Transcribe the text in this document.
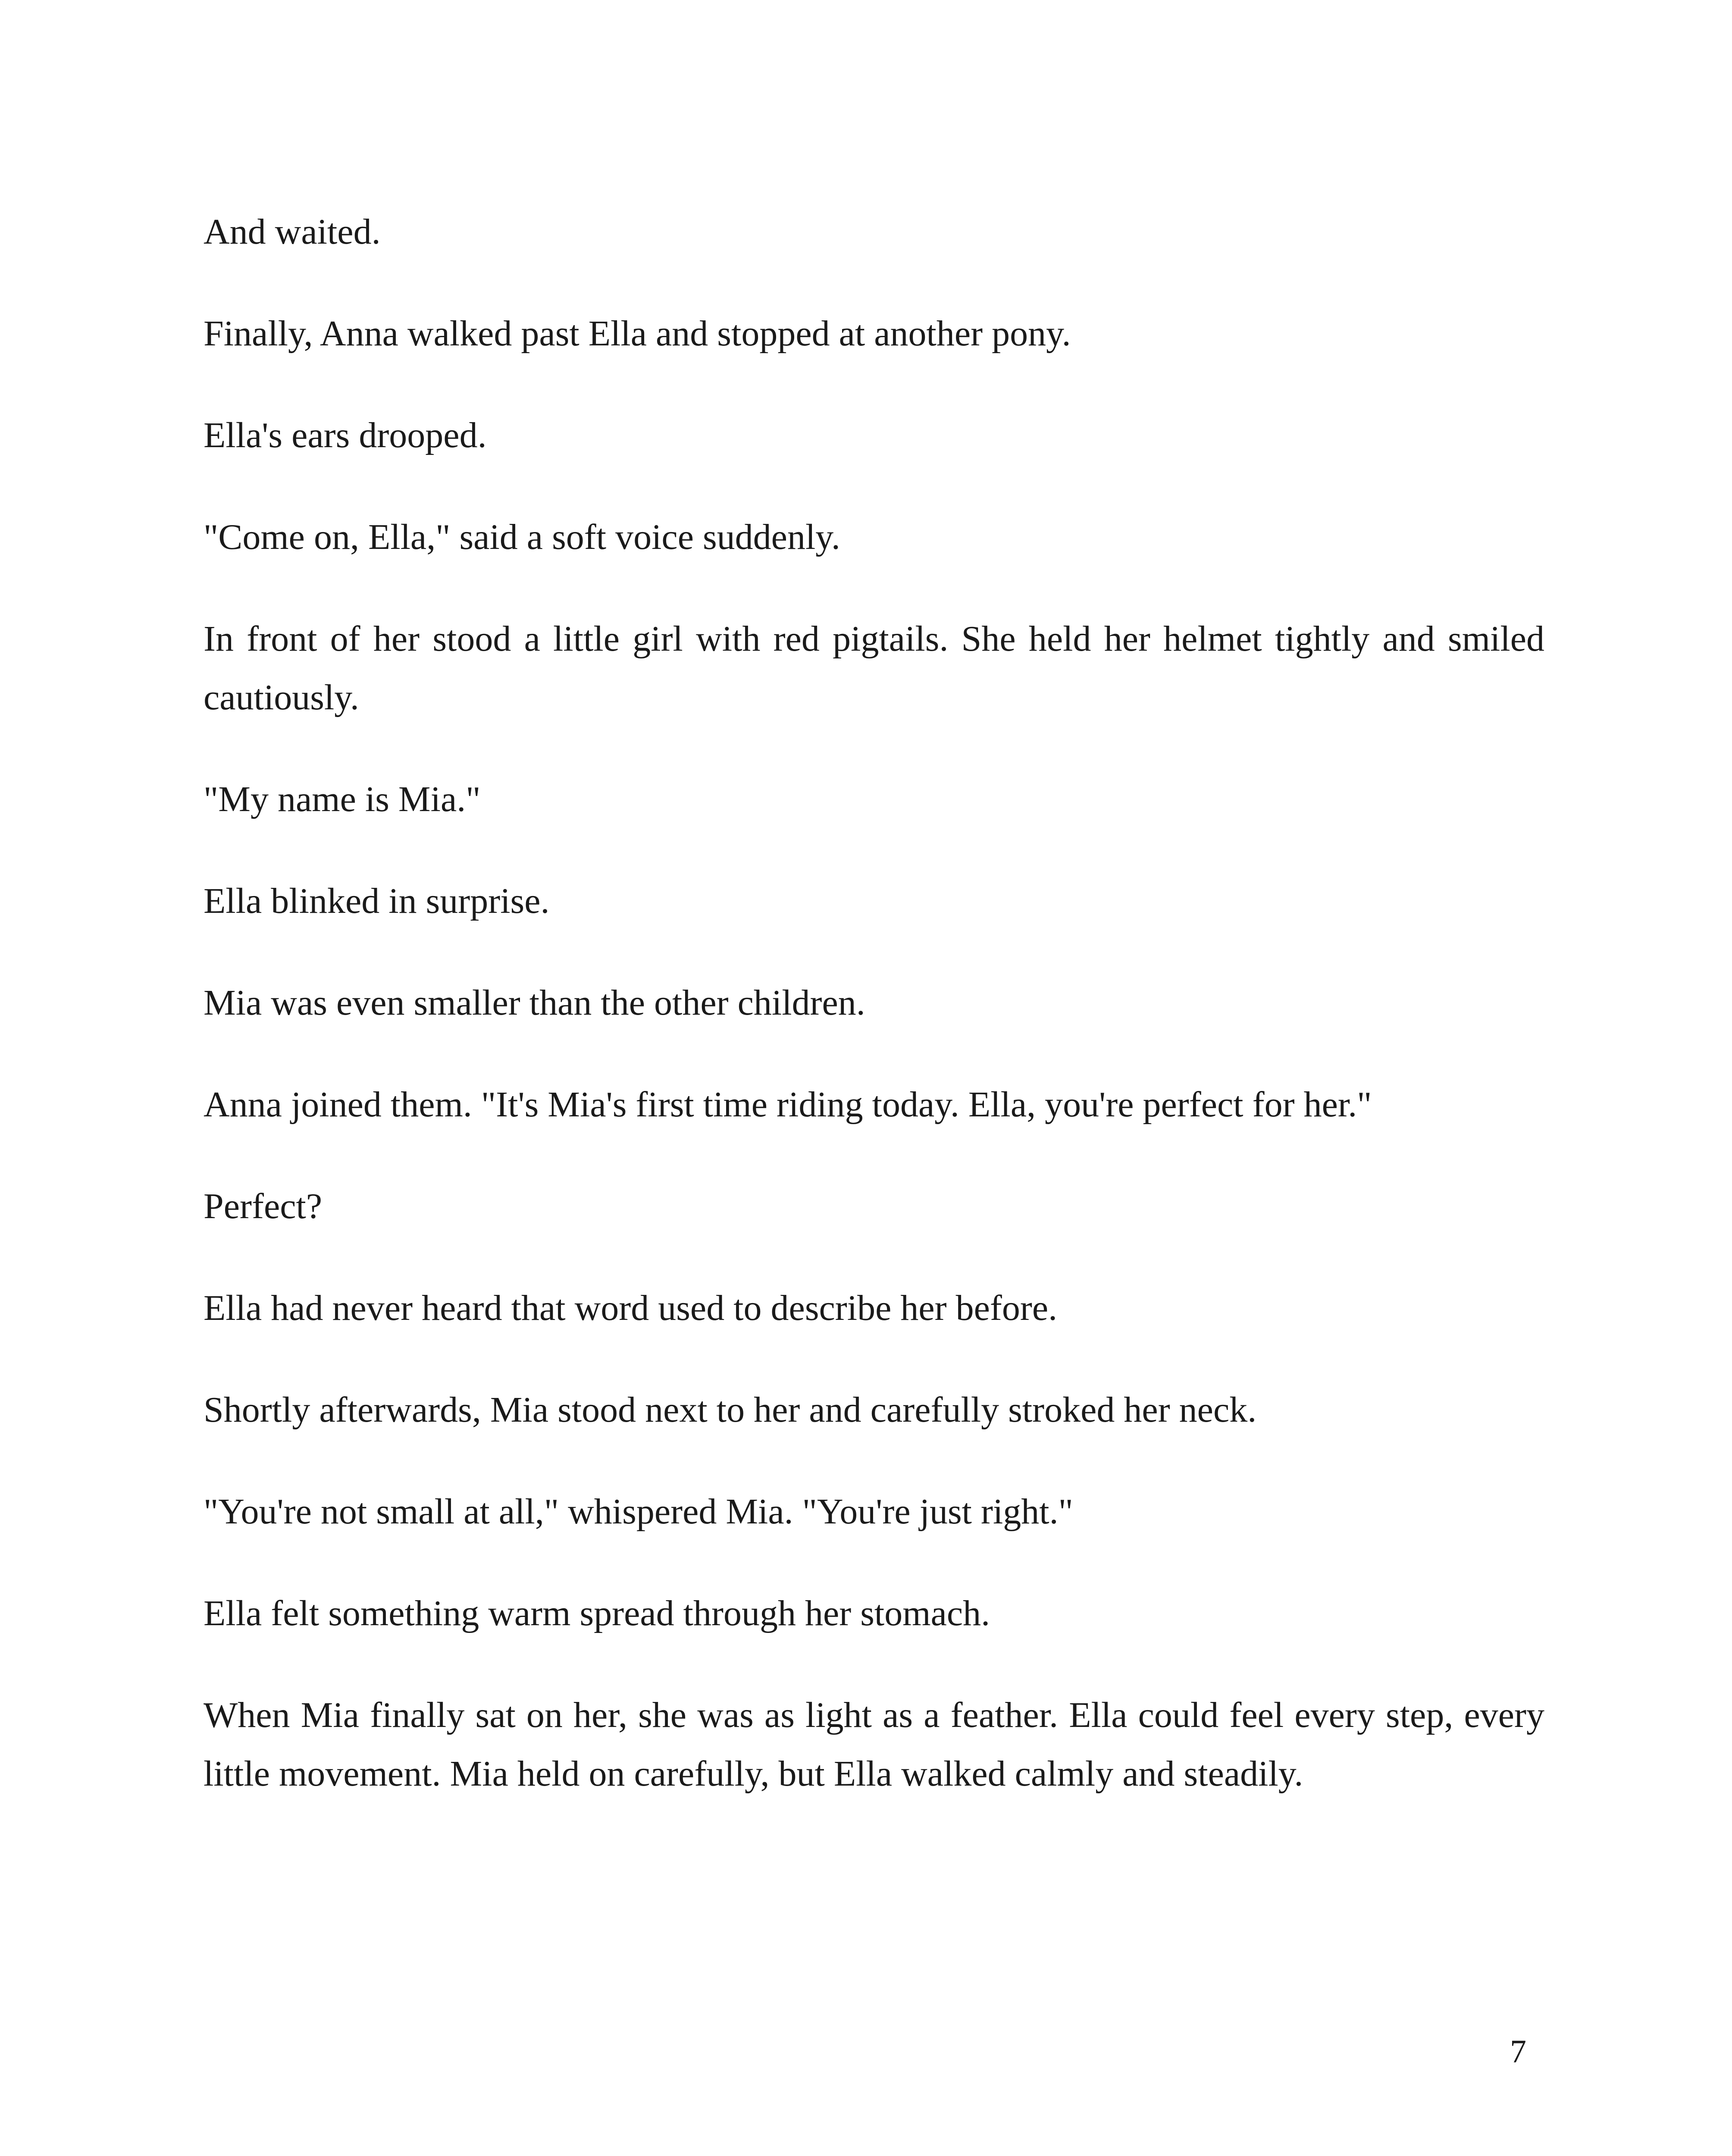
And waited.

Finally, Anna walked past Ella and stopped at another pony.

Ella's ears drooped.

"Come on, Ella," said a soft voice suddenly.

In front of her stood a little girl with red pigtails. She held her helmet tightly and smiled cautiously.

"My name is Mia."

Ella blinked in surprise.

Mia was even smaller than the other children.

Anna joined them. "It's Mia's first time riding today. Ella, you're perfect for her."

Perfect?

Ella had never heard that word used to describe her before.

Shortly afterwards, Mia stood next to her and carefully stroked her neck.

"You're not small at all," whispered Mia. "You're just right."

Ella felt something warm spread through her stomach.

When Mia finally sat on her, she was as light as a feather. Ella could feel every step, every little movement. Mia held on carefully, but Ella walked calmly and steadily.

7
